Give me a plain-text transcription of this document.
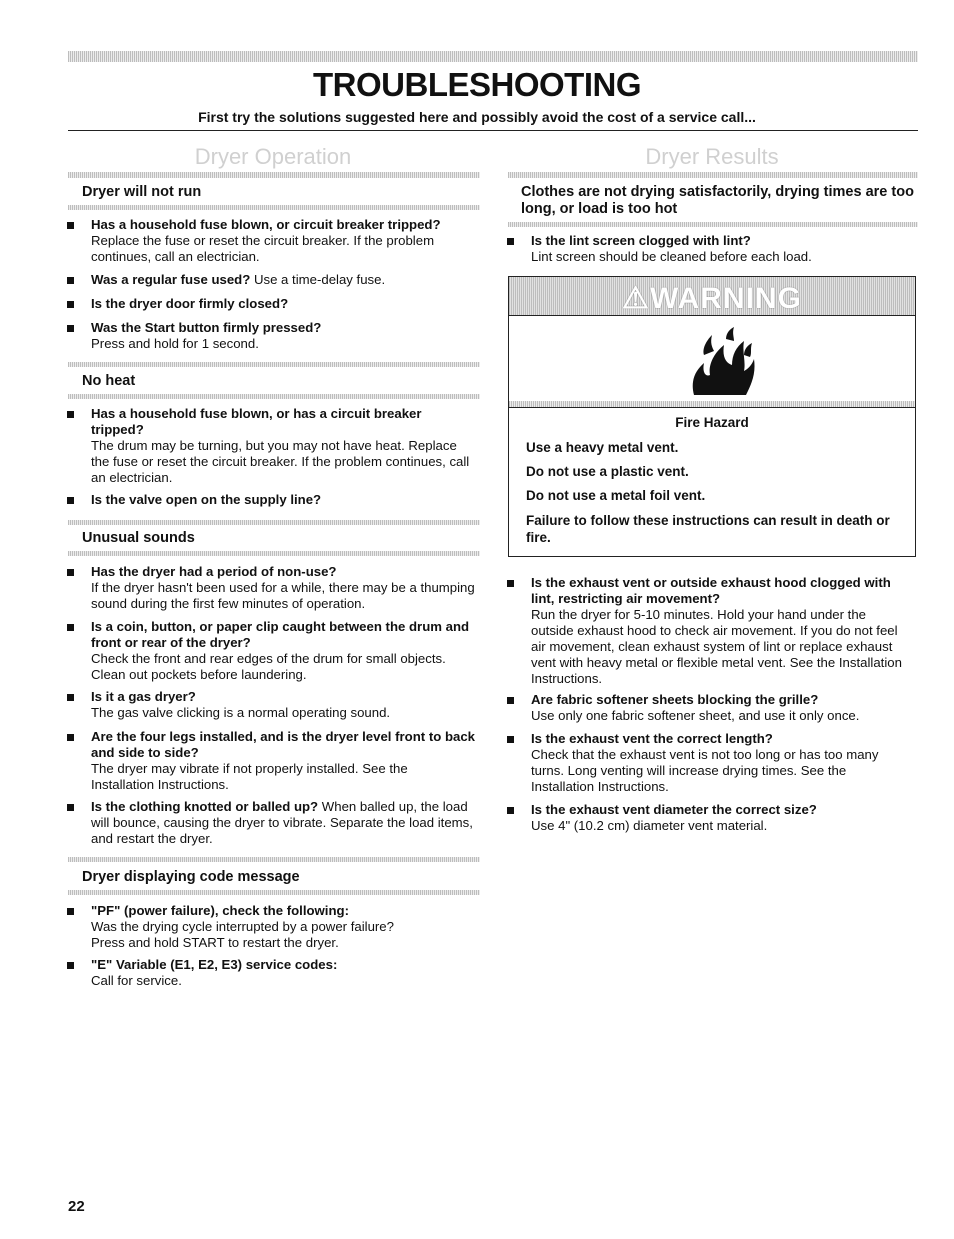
TROUBLESHOOTING
First try the solutions suggested here and possibly avoid the cost of a service call...
Dryer Operation
Dryer will not run
Has a household fuse blown, or circuit breaker tripped?
Replace the fuse or reset the circuit breaker. If the problem continues, call an electrician.
Was a regular fuse used? Use a time-delay fuse.
Is the dryer door firmly closed?
Was the Start button firmly pressed?
Press and hold for 1 second.
No heat
Has a household fuse blown, or has a circuit breaker tripped?
The drum may be turning, but you may not have heat. Replace the fuse or reset the circuit breaker. If the problem continues, call an electrician.
Is the valve open on the supply line?
Unusual sounds
Has the dryer had a period of non-use?
If the dryer hasn't been used for a while, there may be a thumping sound during the first few minutes of operation.
Is a coin, button, or paper clip caught between the drum and front or rear of the dryer?
Check the front and rear edges of the drum for small objects. Clean out pockets before laundering.
Is it a gas dryer?
The gas valve clicking is a normal operating sound.
Are the four legs installed, and is the dryer level front to back and side to side?
The dryer may vibrate if not properly installed. See the Installation Instructions.
Is the clothing knotted or balled up? When balled up, the load will bounce, causing the dryer to vibrate. Separate the load items, and restart the dryer.
Dryer displaying code message
"PF" (power failure), check the following:
Was the drying cycle interrupted by a power failure? Press and hold START to restart the dryer.
"E" Variable (E1, E2, E3) service codes:
Call for service.
Dryer Results
Clothes are not drying satisfactorily, drying times are too long, or load is too hot
Is the lint screen clogged with lint?
Lint screen should be cleaned before each load.
⚠WARNING
Fire Hazard
Use a heavy metal vent.
Do not use a plastic vent.
Do not use a metal foil vent.
Failure to follow these instructions can result in death or fire.
Is the exhaust vent or outside exhaust hood clogged with lint, restricting air movement?
Run the dryer for 5-10 minutes. Hold your hand under the outside exhaust hood to check air movement. If you do not feel air movement, clean exhaust system of lint or replace exhaust vent with heavy metal or flexible metal vent. See the Installation Instructions.
Are fabric softener sheets blocking the grille?
Use only one fabric softener sheet, and use it only once.
Is the exhaust vent the correct length?
Check that the exhaust vent is not too long or has too many turns. Long venting will increase drying times. See the Installation Instructions.
Is the exhaust vent diameter the correct size?
Use 4" (10.2 cm) diameter vent material.
22
